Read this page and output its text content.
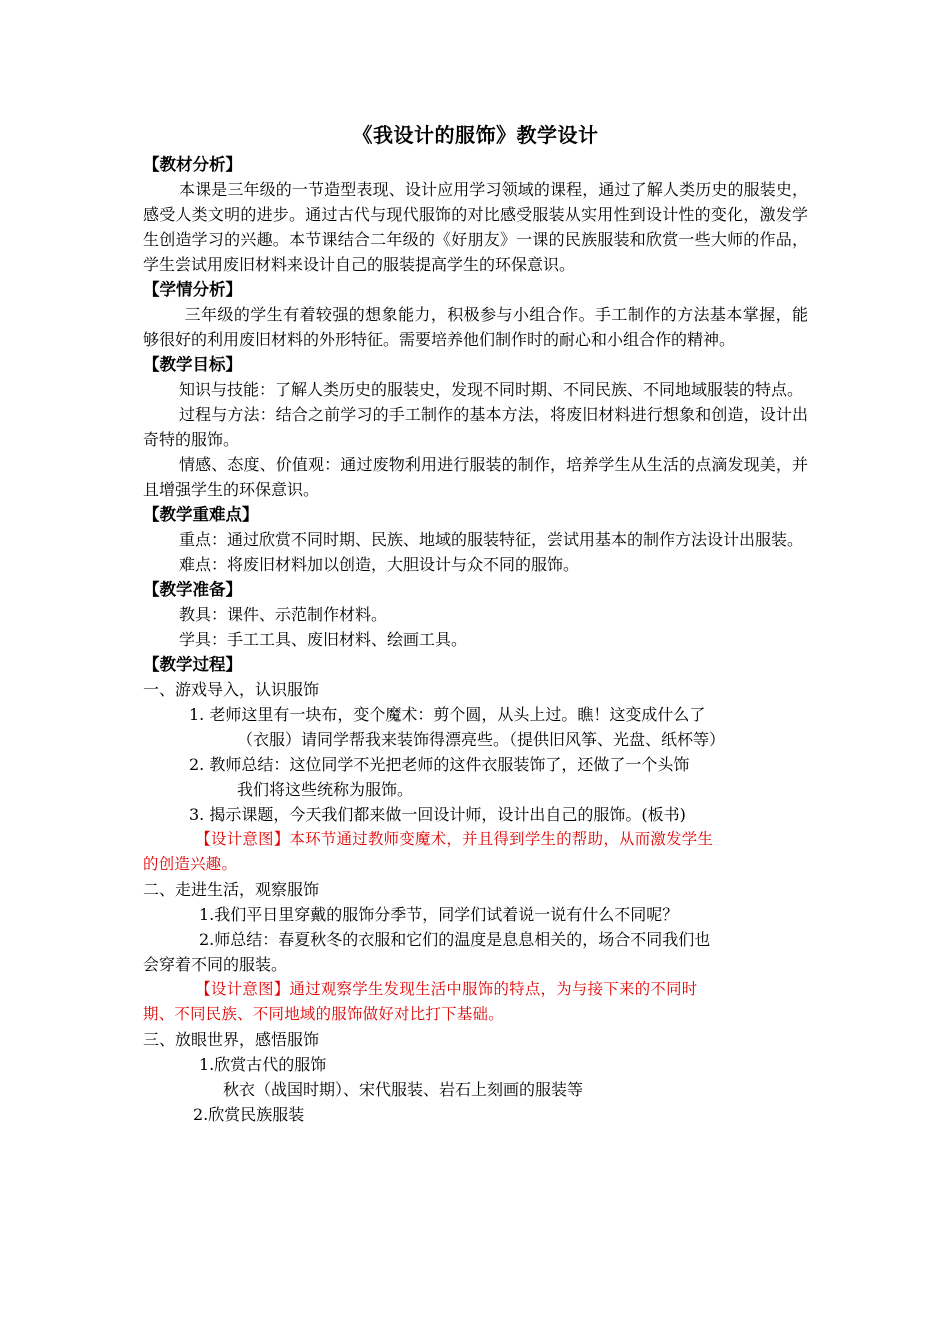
《我设计的服饰》教学设计

【教材分析】

本课是三年级的一节造型表现、设计应用学习领域的课程，通过了解人类历史的服装史，感受人类文明的进步。通过古代与现代服饰的对比感受服装从实用性到设计性的变化，激发学生创造学习的兴趣。本节课结合二年级的《好朋友》一课的民族服装和欣赏一些大师的作品，学生尝试用废旧材料来设计自己的服装提高学生的环保意识。

【学情分析】

三年级的学生有着较强的想象能力，积极参与小组合作。手工制作的方法基本掌握，能够很好的利用废旧材料的外形特征。需要培养他们制作时的耐心和小组合作的精神。

【教学目标】

知识与技能：了解人类历史的服装史，发现不同时期、不同民族、不同地域服装的特点。

过程与方法：结合之前学习的手工制作的基本方法，将废旧材料进行想象和创造，设计出奇特的服饰。

情感、态度、价值观：通过废物利用进行服装的制作，培养学生从生活的点滴发现美，并且增强学生的环保意识。

【教学重难点】

重点：通过欣赏不同时期、民族、地域的服装特征，尝试用基本的制作方法设计出服装。

难点：将废旧材料加以创造，大胆设计与众不同的服饰。

【教学准备】

教具：课件、示范制作材料。

学具：手工工具、废旧材料、绘画工具。

【教学过程】

一、游戏导入，认识服饰

1. 老师这里有一块布，变个魔术：剪个圆，从头上过。瞧！这变成什么了

（衣服）请同学帮我来装饰得漂亮些。（提供旧风筝、光盘、纸杯等）

2. 教师总结：这位同学不光把老师的这件衣服装饰了，还做了一个头饰

我们将这些统称为服饰。

3. 揭示课题，今天我们都来做一回设计师，设计出自己的服饰。(板书)

【设计意图】本环节通过教师变魔术，并且得到学生的帮助，从而激发学生

的创造兴趣。

二、走进生活，观察服饰

1.我们平日里穿戴的服饰分季节，同学们试着说一说有什么不同呢？

2.师总结：春夏秋冬的衣服和它们的温度是息息相关的，场合不同我们也

会穿着不同的服装。

【设计意图】通过观察学生发现生活中服饰的特点，为与接下来的不同时

期、不同民族、不同地域的服饰做好对比打下基础。

三、放眼世界，感悟服饰

1.欣赏古代的服饰

秋衣（战国时期）、宋代服装、岩石上刻画的服装等

2.欣赏民族服装
